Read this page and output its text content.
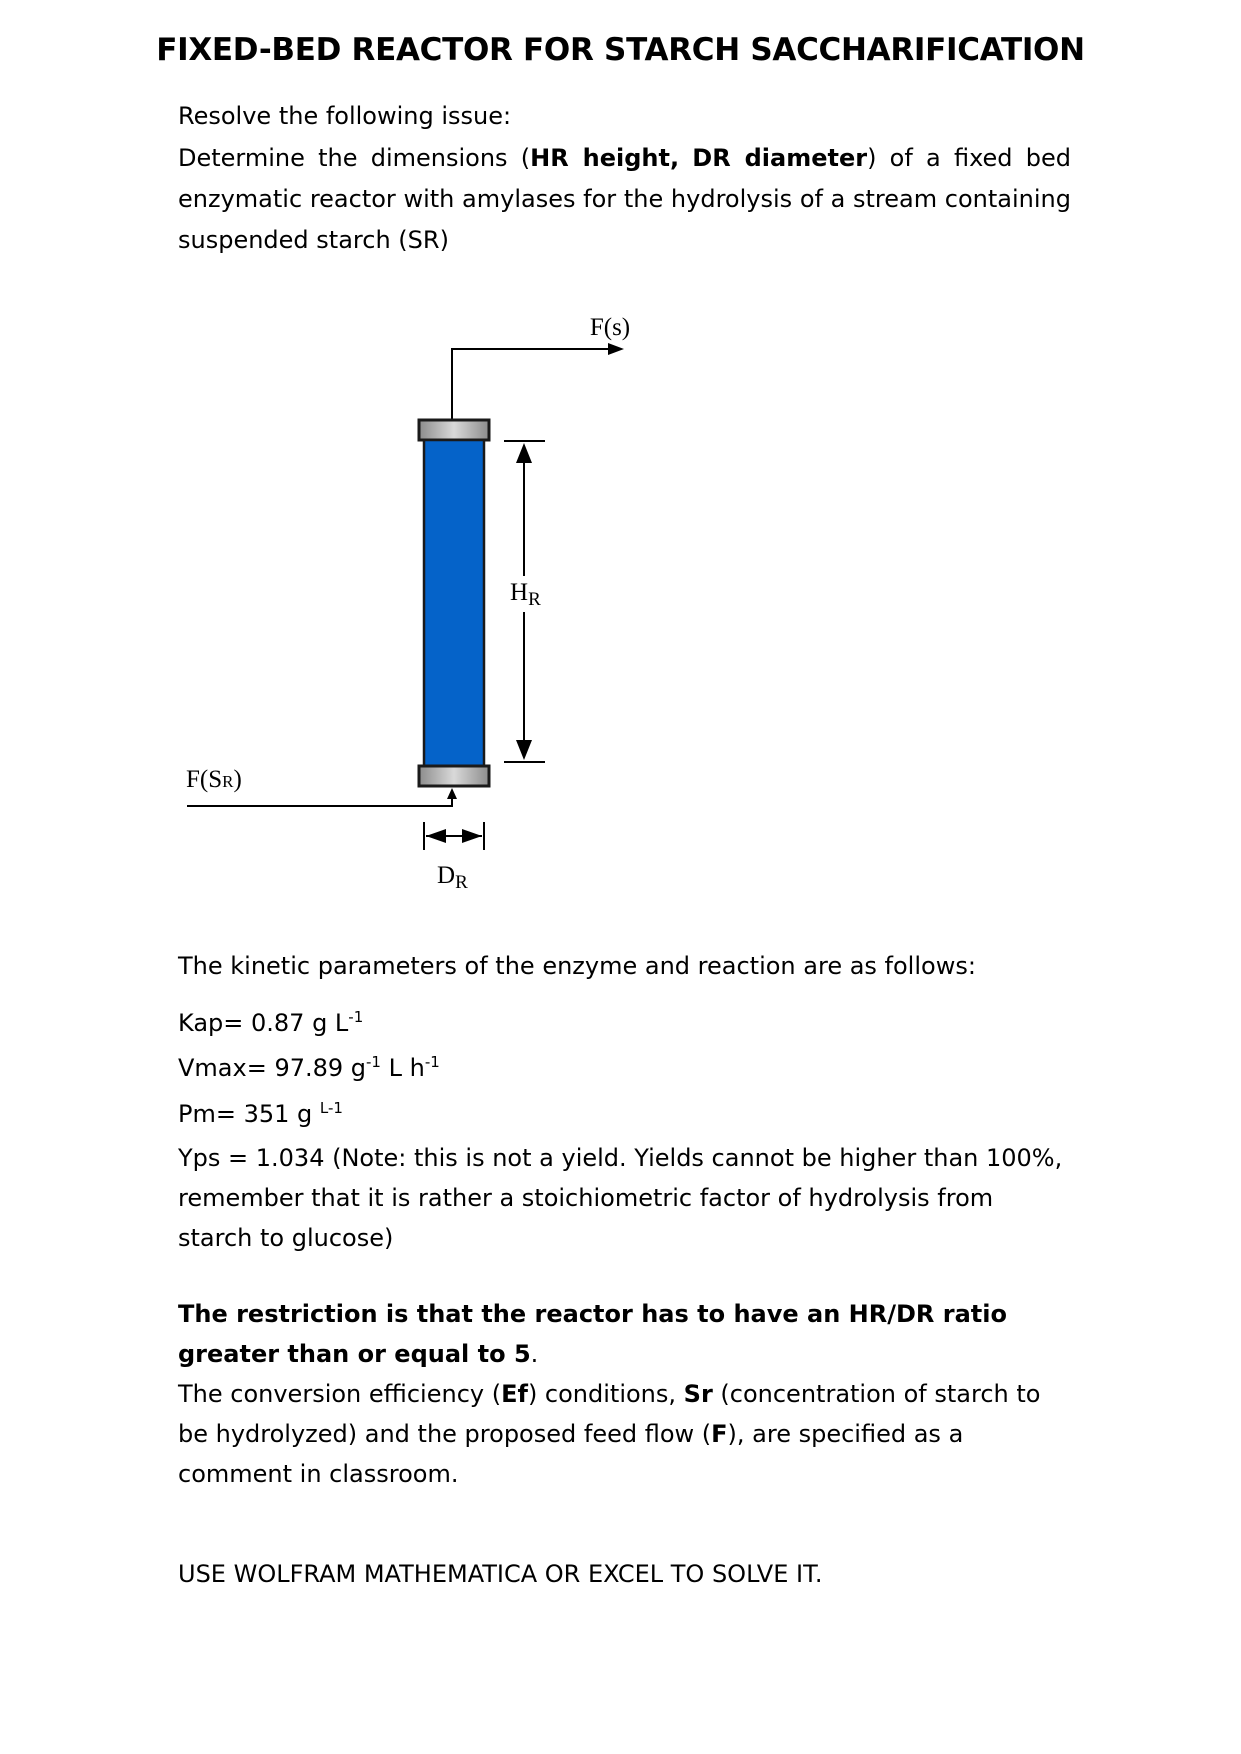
FIXED-BED REACTOR FOR STARCH SACCHARIFICATION
Resolve the following issue:
Determine the dimensions (HR height, DR diameter) of a fixed bed enzymatic reactor with amylases for the hydrolysis of a stream containing suspended starch (SR)
F(s)
F(SR)
$H_R$
$D_R$
The kinetic parameters of the enzyme and reaction are as follows:
Kap= 0.87 g $L^{-1}$
Vmax= 97.89 $g^{-1}$ L $h^{-1}$
Pm= 351 g $^{L-1}$
Yps = 1.034 (Note: this is not a yield. Yields cannot be higher than 100%, remember that it is rather a stoichiometric factor of hydrolysis from starch to glucose)
The restriction is that the reactor has to have an HR/DR ratio greater than or equal to 5.
The conversion efficiency (Ef) conditions, Sr (concentration of starch to be hydrolyzed) and the proposed feed flow (F), are specified as a comment in classroom.
USE WOLFRAM MATHEMATICA OR EXCEL TO SOLVE IT.
